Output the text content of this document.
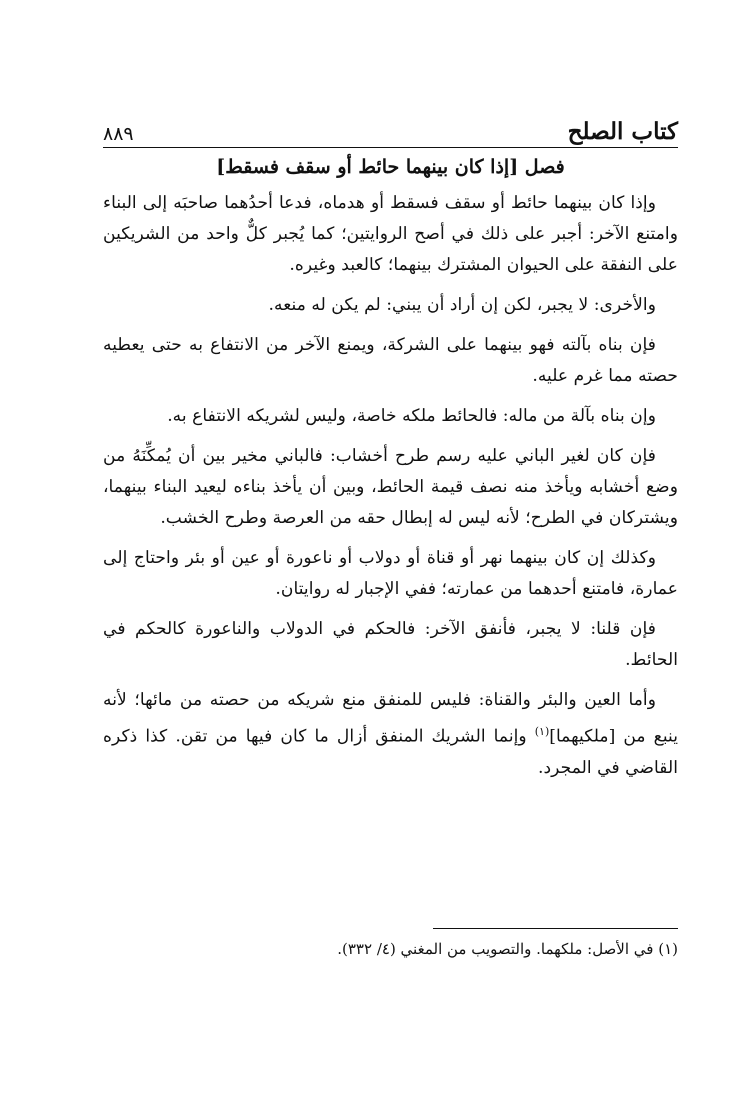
كتاب الصلح
٨٨٩
فصل [إذا كان بينهما حائط أو سقف فسقط]

وإذا كان بينهما حائط أو سقف فسقط أو هدماه، فدعا أحدُهما صاحبَه إلى البناء وامتنع الآخر: أجبر على ذلك في أصح الروايتين؛ كما يُجبر كلٌّ واحد من الشريكين على النفقة على الحيوان المشترك بينهما؛ كالعبد وغيره.

والأخرى: لا يجبر، لكن إن أراد أن يبني: لم يكن له منعه.

فإن بناه بآلته فهو بينهما على الشركة، ويمنع الآخر من الانتفاع به حتى يعطيه حصته مما غرم عليه.

وإن بناه بآلة من ماله: فالحائط ملكه خاصة، وليس لشريكه الانتفاع به.

فإن كان لغير الباني عليه رسم طرح أخشاب: فالباني مخير بين أن يُمكِّنَهُ من وضع أخشابه ويأخذ منه نصف قيمة الحائط، وبين أن يأخذ بناءه ليعيد البناء بينهما، ويشتركان في الطرح؛ لأنه ليس له إبطال حقه من العرصة وطرح الخشب.

وكذلك إن كان بينهما نهر أو قناة أو دولاب أو ناعورة أو عين أو بئر واحتاج إلى عمارة، فامتنع أحدهما من عمارته؛ ففي الإجبار له روايتان.

فإن قلنا: لا يجبر، فأنفق الآخر: فالحكم في الدولاب والناعورة كالحكم في الحائط.

وأما العين والبئر والقناة: فليس للمنفق منع شريكه من حصته من مائها؛ لأنه ينبع من [ملكيهما]$^{(١)}$ وإنما الشريك المنفق أزال ما كان فيها من تقن. كذا ذكره القاضي في المجرد.

(١) في الأصل: ملكهما. والتصويب من المغني (٤/ ٣٣٢).
